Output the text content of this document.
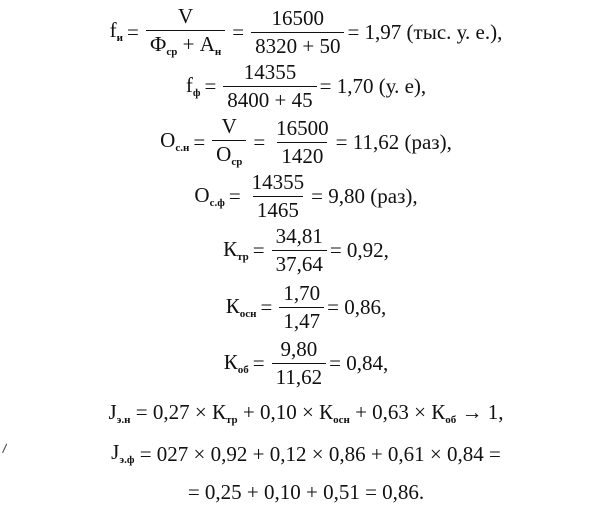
$f_и = \frac{V}{Ф_{ср} + А_н} = \frac{16500}{8320 + 50} = 1,97$ (тыс. у. е.),
$f_ф = \frac{14355}{8400 + 45} = 1,70$ (у. е),
$О_{с.н} = \frac{V}{О_{ср}} = \frac{16500}{1420} = 11,62$ (раз),
$О_{с.ф} = \frac{14355}{1465} = 9,80$ (раз),
$К_{тр} = \frac{34,81}{37,64} = 0,92$,
$К_{осн} = \frac{1,70}{1,47} = 0,86$,
$К_{об} = \frac{9,80}{11,62} = 0,84$,
$J_{э.н} = 0,27 \times К_{тр} + 0,10 \times К_{осн} + 0,63 \times К_{об} \to 1$,
$J_{э.ф} = 027 \times 0,92 + 0,12 \times 0,86 + 0,61 \times 0,84$ =
= 0,25 + 0,10 + 0,51 = 0,86.
